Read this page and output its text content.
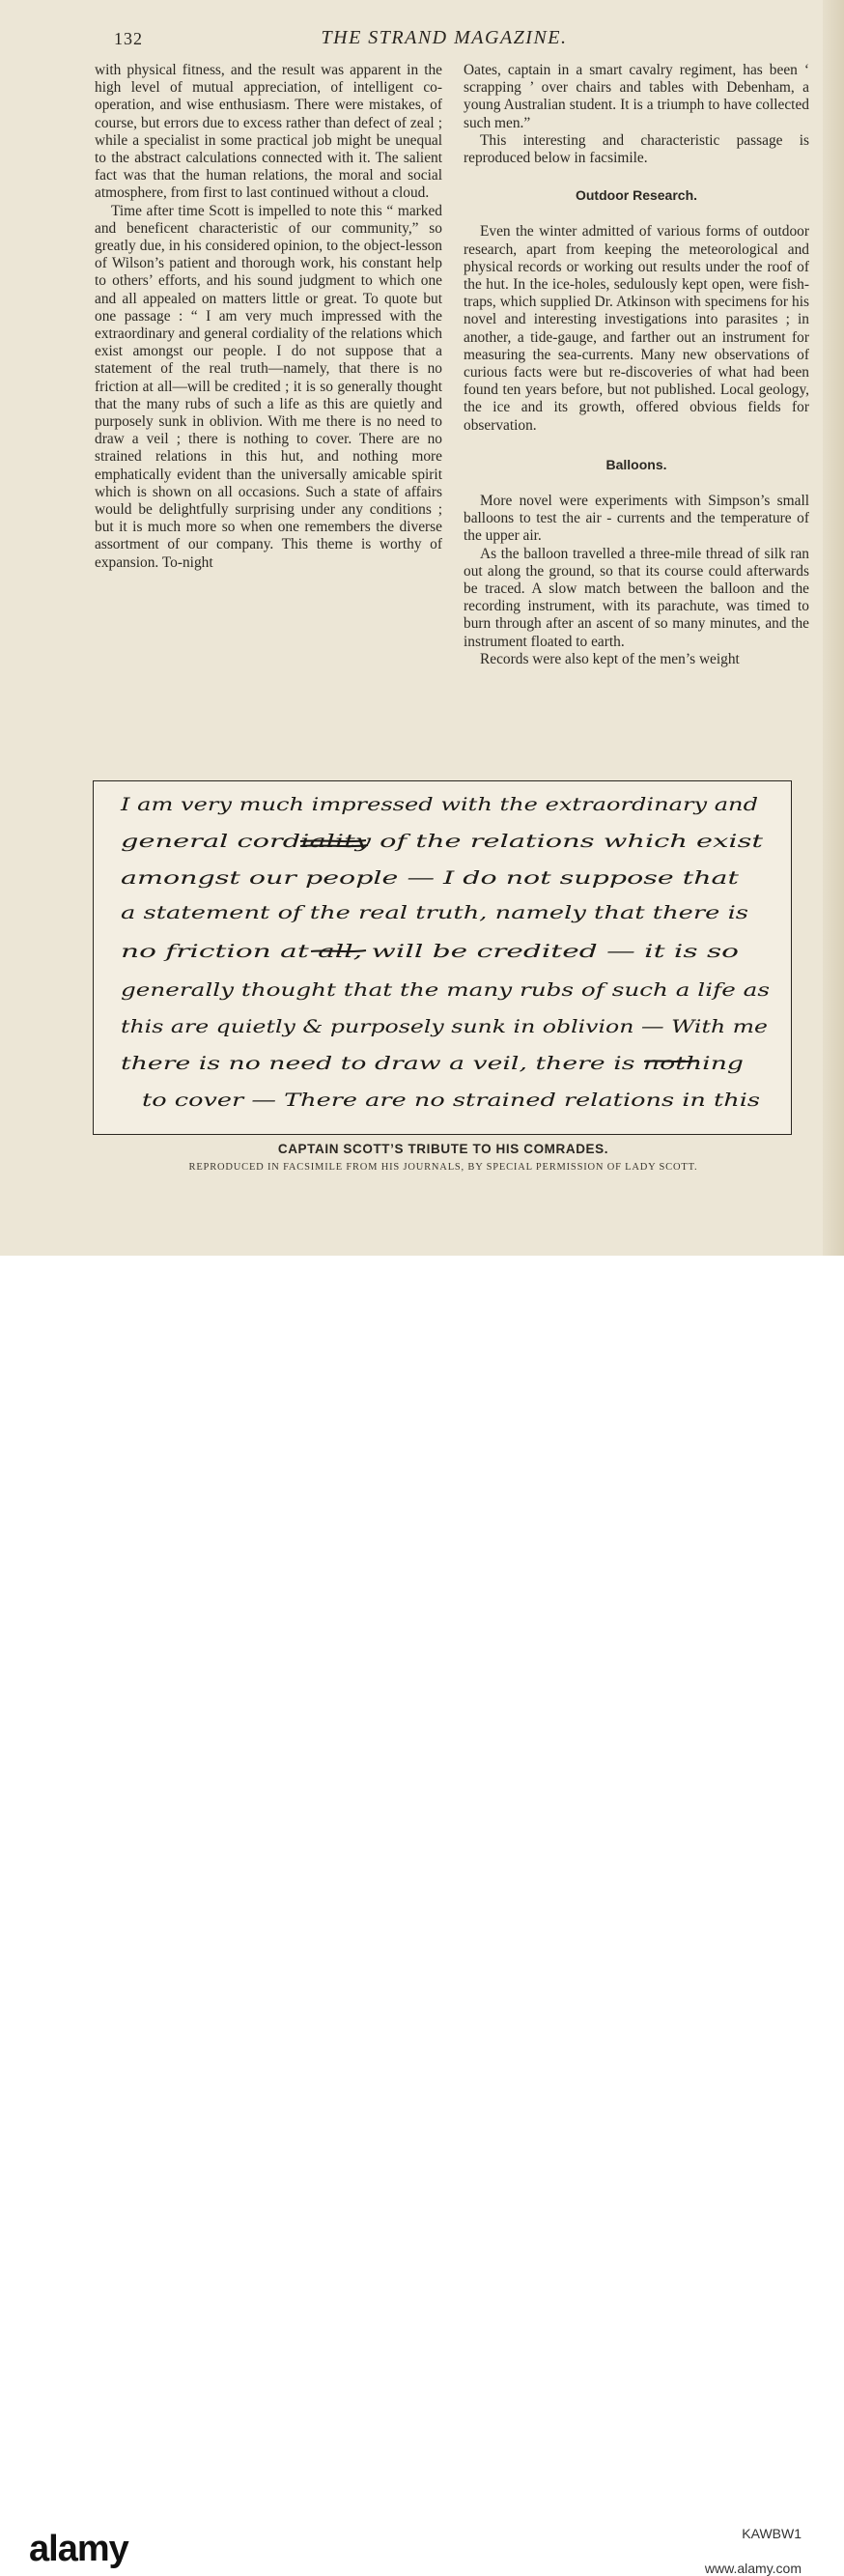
132	THE STRAND MAGAZINE.

with physical fitness, and the result was apparent in the high level of mutual appreciation, of intelligent co-operation, and wise enthusiasm. There were mistakes, of course, but errors due to excess rather than defect of zeal ; while a specialist in some practical job might be unequal to the abstract calculations connected with it. The salient fact was that the human relations, the moral and social atmosphere, from first to last continued without a cloud.

Time after time Scott is impelled to note this “ marked and beneficent characteristic of our community,” so greatly due, in his considered opinion, to the object-lesson of Wilson’s patient and thorough work, his constant help to others’ efforts, and his sound judgment to which one and all appealed on matters little or great. To quote but one passage : “ I am very much impressed with the extraordinary and general cordiality of the relations which exist amongst our people. I do not suppose that a statement of the real truth—namely, that there is no friction at all—will be credited ; it is so generally thought that the many rubs of such a life as this are quietly and purposely sunk in oblivion. With me there is no need to draw a veil ; there is nothing to cover. There are no strained relations in this hut, and nothing more emphatically evident than the universally amicable spirit which is shown on all occasions. Such a state of affairs would be delightfully surprising under any conditions ; but it is much more so when one remembers the diverse assortment of our company. This theme is worthy of expansion. To-night

Oates, captain in a smart cavalry regiment, has been ‘ scrapping ’ over chairs and tables with Debenham, a young Australian student. It is a triumph to have collected such men.”

This interesting and characteristic passage is reproduced below in facsimile.

Outdoor Research.

Even the winter admitted of various forms of outdoor research, apart from keeping the meteorological and physical records or working out results under the roof of the hut. In the ice-holes, sedulously kept open, were fish-traps, which supplied Dr. Atkinson with specimens for his novel and interesting investigations into parasites ; in another, a tide-gauge, and farther out an instrument for measuring the sea-currents. Many new observations of curious facts were but re-discoveries of what had been found ten years before, but not published. Local geology, the ice and its growth, offered obvious fields for observation.

Balloons.

More novel were experiments with Simpson’s small balloons to test the air - currents and the temperature of the upper air.

As the balloon travelled a three-mile thread of silk ran out along the ground, so that its course could afterwards be traced. A slow match between the balloon and the recording instrument, with its parachute, was timed to burn through after an ascent of so many minutes, and the instrument floated to earth.

Records were also kept of the men’s weight

I am very much impressed with the extraordinary and
general cordiality of the relations which exist
amongst our people — I do not suppose that
a statement of the real truth, namely that there is
no friction at all, will be credited — it is so
generally thought that the many rubs of such a life as
this are quietly & purposely sunk in oblivion — With me
there is no need to draw a veil, there is nothing
to cover — There are no strained relations in this
CAPTAIN SCOTT’S TRIBUTE TO HIS COMRADES.
REPRODUCED IN FACSIMILE FROM HIS JOURNALS, BY SPECIAL PERMISSION OF LADY SCOTT.
alamy	KAWBW1
www.alamy.com
